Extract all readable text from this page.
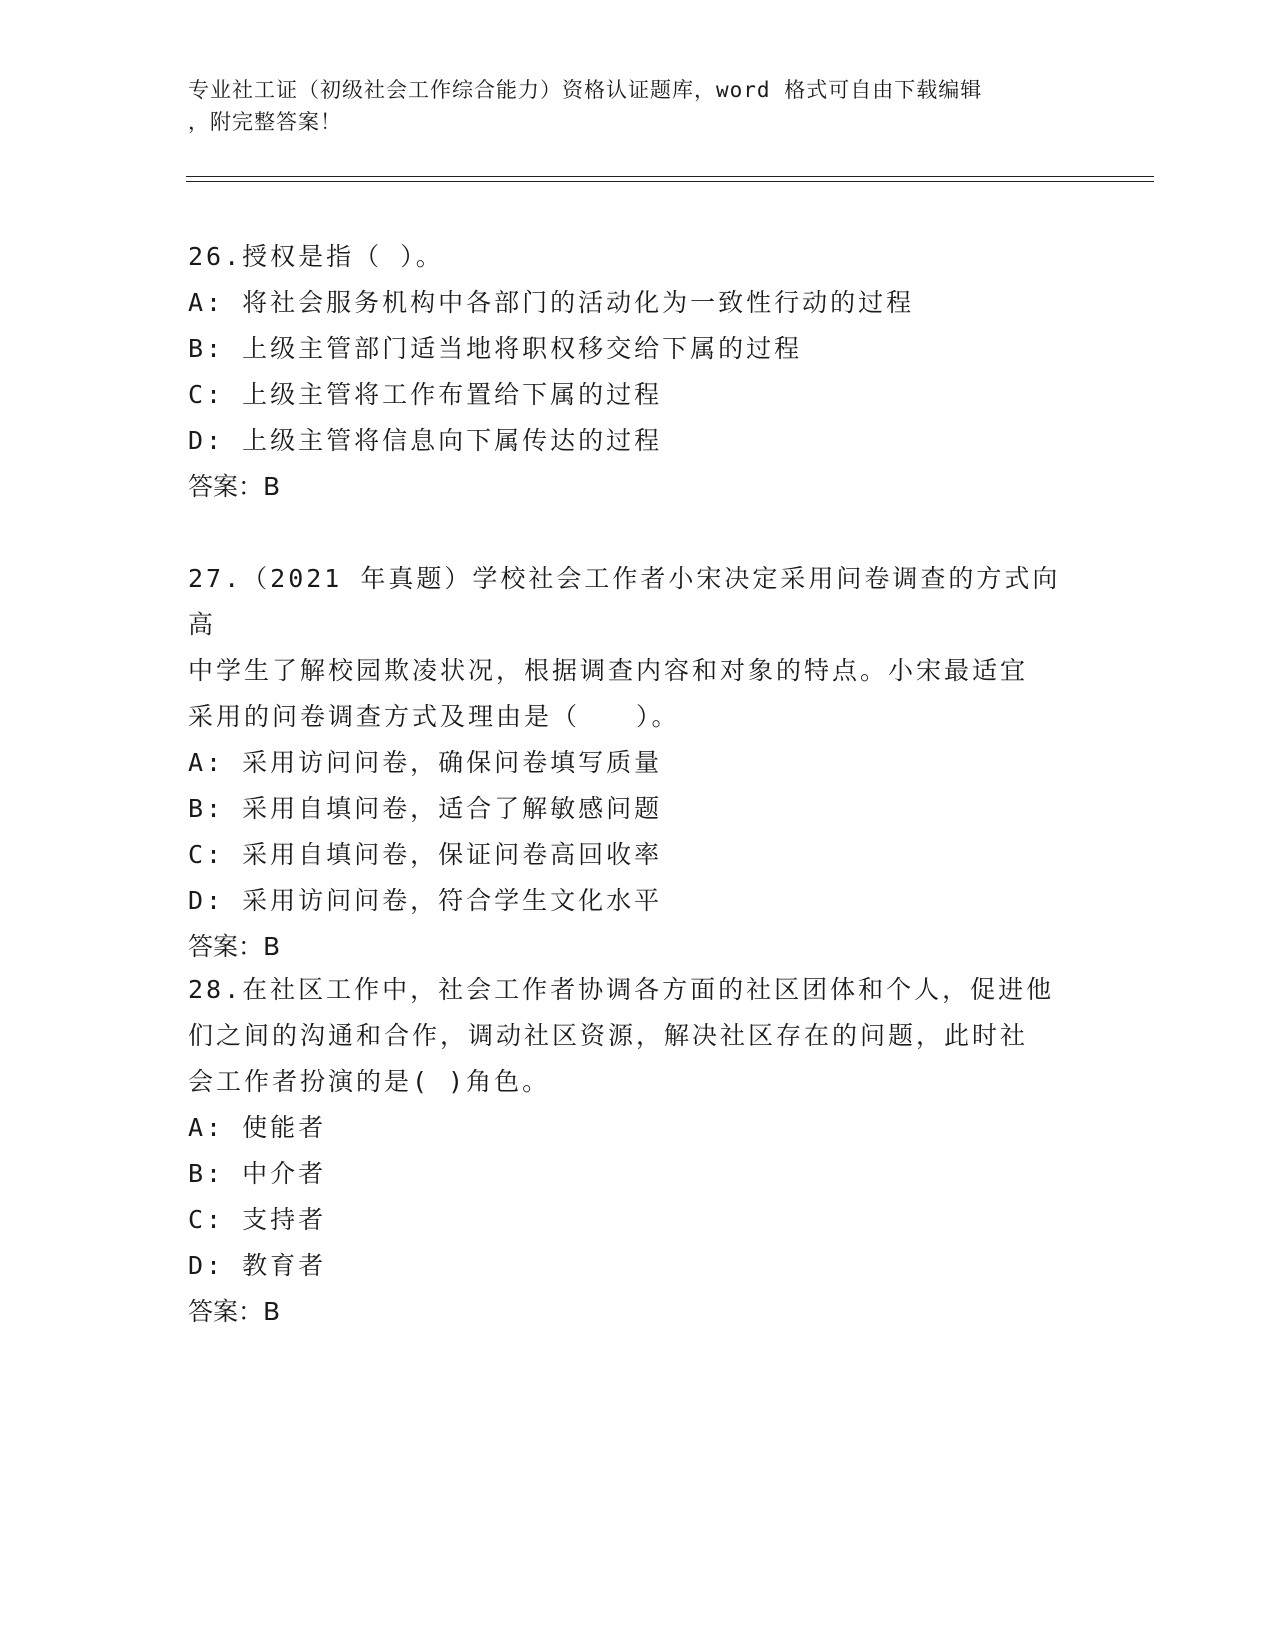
专业社工证（初级社会工作综合能力）资格认证题库，word 格式可自由下载编辑
，附完整答案！
26.授权是指（ ）。
A: 将社会服务机构中各部门的活动化为一致性行动的过程
B: 上级主管部门适当地将职权移交给下属的过程
C: 上级主管将工作布置给下属的过程
D: 上级主管将信息向下属传达的过程
答案：B
27.（2021 年真题）学校社会工作者小宋决定采用问卷调查的方式向高
中学生了解校园欺凌状况，根据调查内容和对象的特点。小宋最适宜
采用的问卷调查方式及理由是（　　）。
A: 采用访问问卷，确保问卷填写质量
B: 采用自填问卷，适合了解敏感问题
C: 采用自填问卷，保证问卷高回收率
D: 采用访问问卷，符合学生文化水平
答案：B
28.在社区工作中，社会工作者协调各方面的社区团体和个人，促进他
们之间的沟通和合作，调动社区资源，解决社区存在的问题，此时社
会工作者扮演的是( )角色。
A: 使能者
B: 中介者
C: 支持者
D: 教育者
答案：B
